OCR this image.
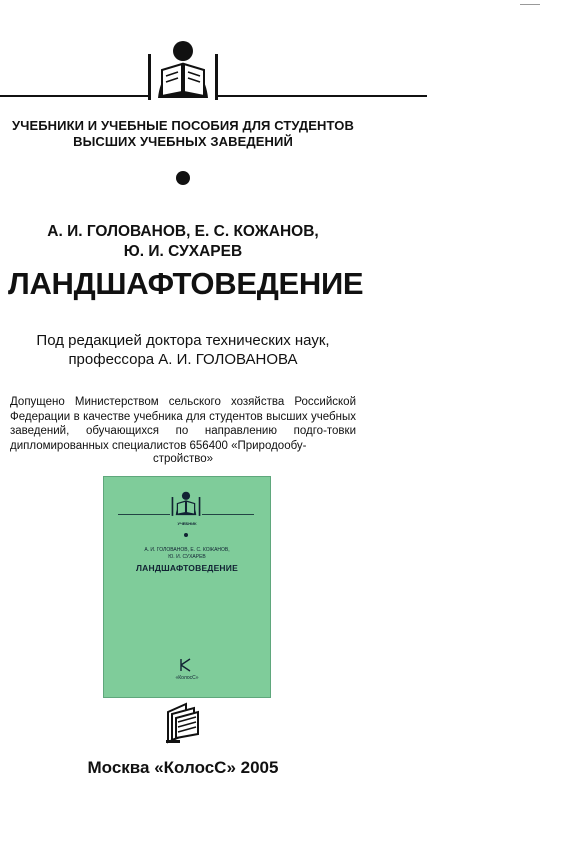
УЧЕБНИКИ И УЧЕБНЫЕ ПОСОБИЯ ДЛЯ СТУДЕНТОВ
ВЫСШИХ УЧЕБНЫХ ЗАВЕДЕНИЙ
А. И. ГОЛОВАНОВ, Е. С. КОЖАНОВ,
Ю. И. СУХАРЕВ
ЛАНДШАФТОВЕДЕНИЕ
Под редакцией доктора технических наук,
профессора А. И. ГОЛОВАНОВА
Допущено Министерством сельского хозяйства Российской Федерации в качестве учебника для студентов высших учебных заведений, обучающихся по направлению подго-товки дипломированных специалистов 656400 «Природообу-
стройство»
УЧЕБНИК
А. И. ГОЛОВАНОВ, Е. С. КОЖАНОВ,
Ю. И. СУХАРЕВ
ЛАНДШАФТОВЕДЕНИЕ
«КолосС»
Москва «КолосС» 2005
